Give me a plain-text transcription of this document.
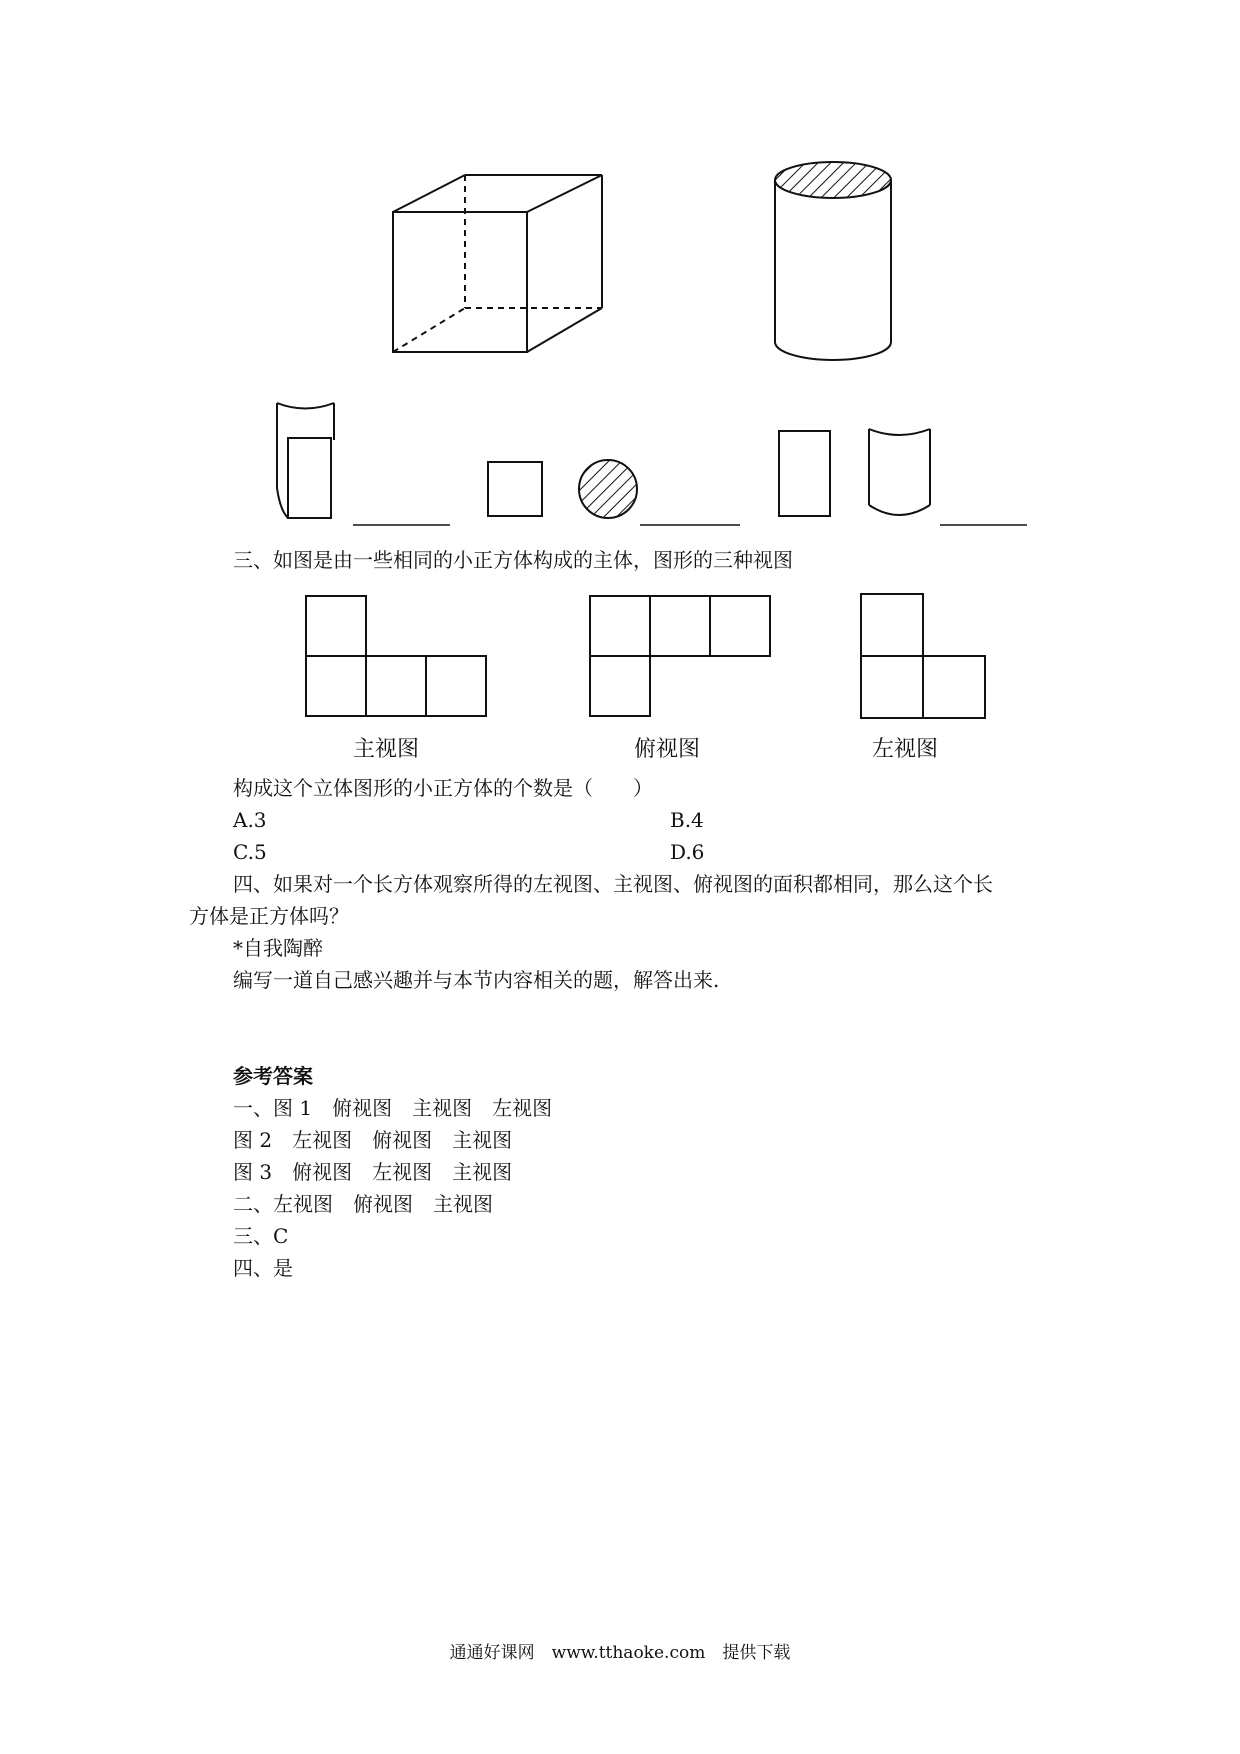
三、如图是由一些相同的小正方体构成的主体，图形的三种视图
主视图	俯视图	左视图
构成这个立体图形的小正方体的个数是（　　）
A.3	B.4
C.5	D.6
四、如果对一个长方体观察所得的左视图、主视图、俯视图的面积都相同，那么这个长
方体是正方体吗？
*自我陶醉
编写一道自己感兴趣并与本节内容相关的题，解答出来.
参考答案
一、图 1　俯视图　主视图　左视图
图 2　左视图　俯视图　主视图
图 3　俯视图　左视图　主视图
二、左视图　俯视图　主视图
三、C
四、是
通通好课网　www.tthaoke.com　提供下载
